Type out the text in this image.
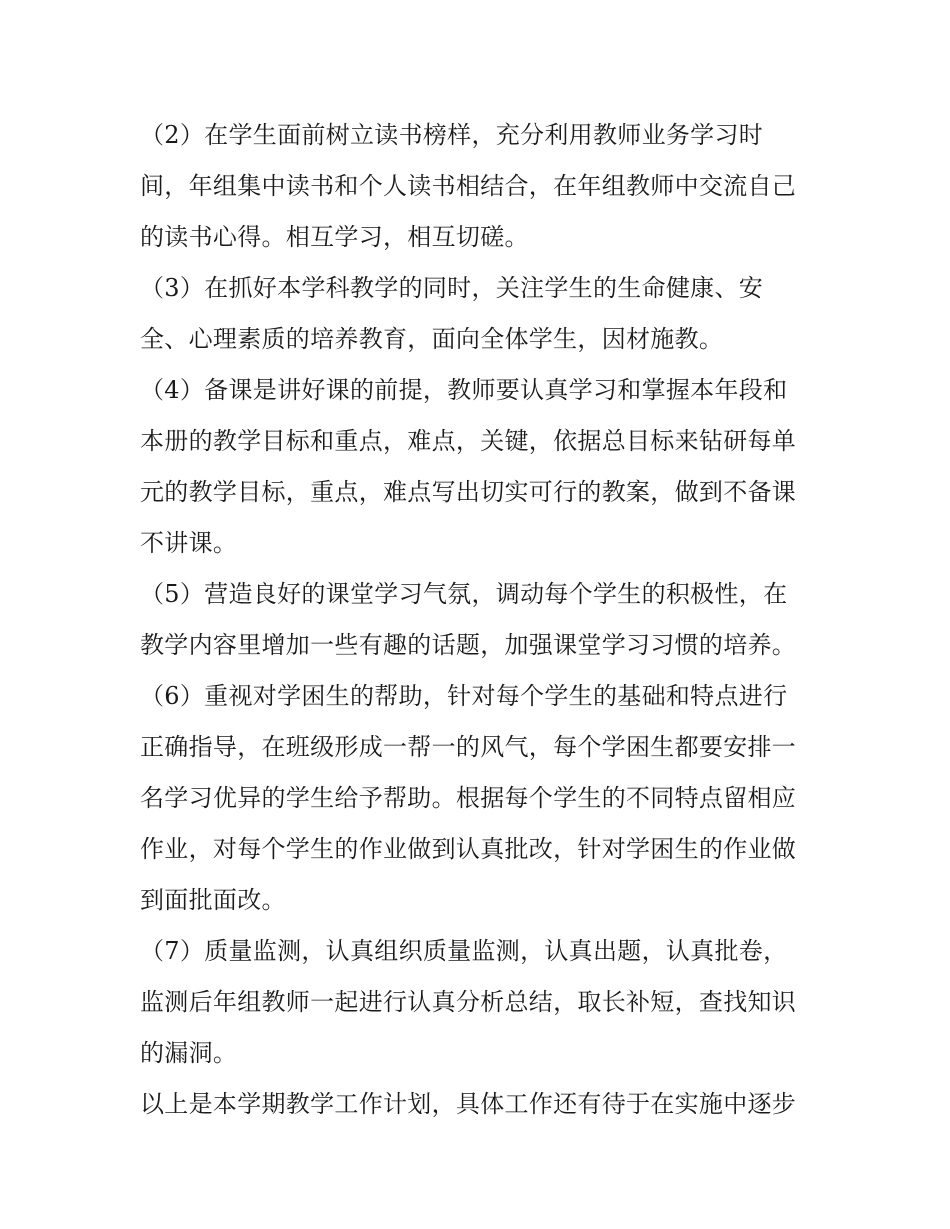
（2）在学生面前树立读书榜样，充分利用教师业务学习时
间，年组集中读书和个人读书相结合，在年组教师中交流自己
的读书心得。相互学习，相互切磋。
（3）在抓好本学科教学的同时，关注学生的生命健康、安
全、心理素质的培养教育，面向全体学生，因材施教。
（4）备课是讲好课的前提，教师要认真学习和掌握本年段和
本册的教学目标和重点，难点，关键，依据总目标来钻研每单
元的教学目标，重点，难点写出切实可行的教案，做到不备课
不讲课。
（5）营造良好的课堂学习气氛，调动每个学生的积极性，在
教学内容里增加一些有趣的话题，加强课堂学习习惯的培养。
（6）重视对学困生的帮助，针对每个学生的基础和特点进行
正确指导，在班级形成一帮一的风气，每个学困生都要安排一
名学习优异的学生给予帮助。根据每个学生的不同特点留相应
作业，对每个学生的作业做到认真批改，针对学困生的作业做
到面批面改。
（7）质量监测，认真组织质量监测，认真出题，认真批卷，
监测后年组教师一起进行认真分析总结，取长补短，查找知识
的漏洞。
以上是本学期教学工作计划，具体工作还有待于在实施中逐步
